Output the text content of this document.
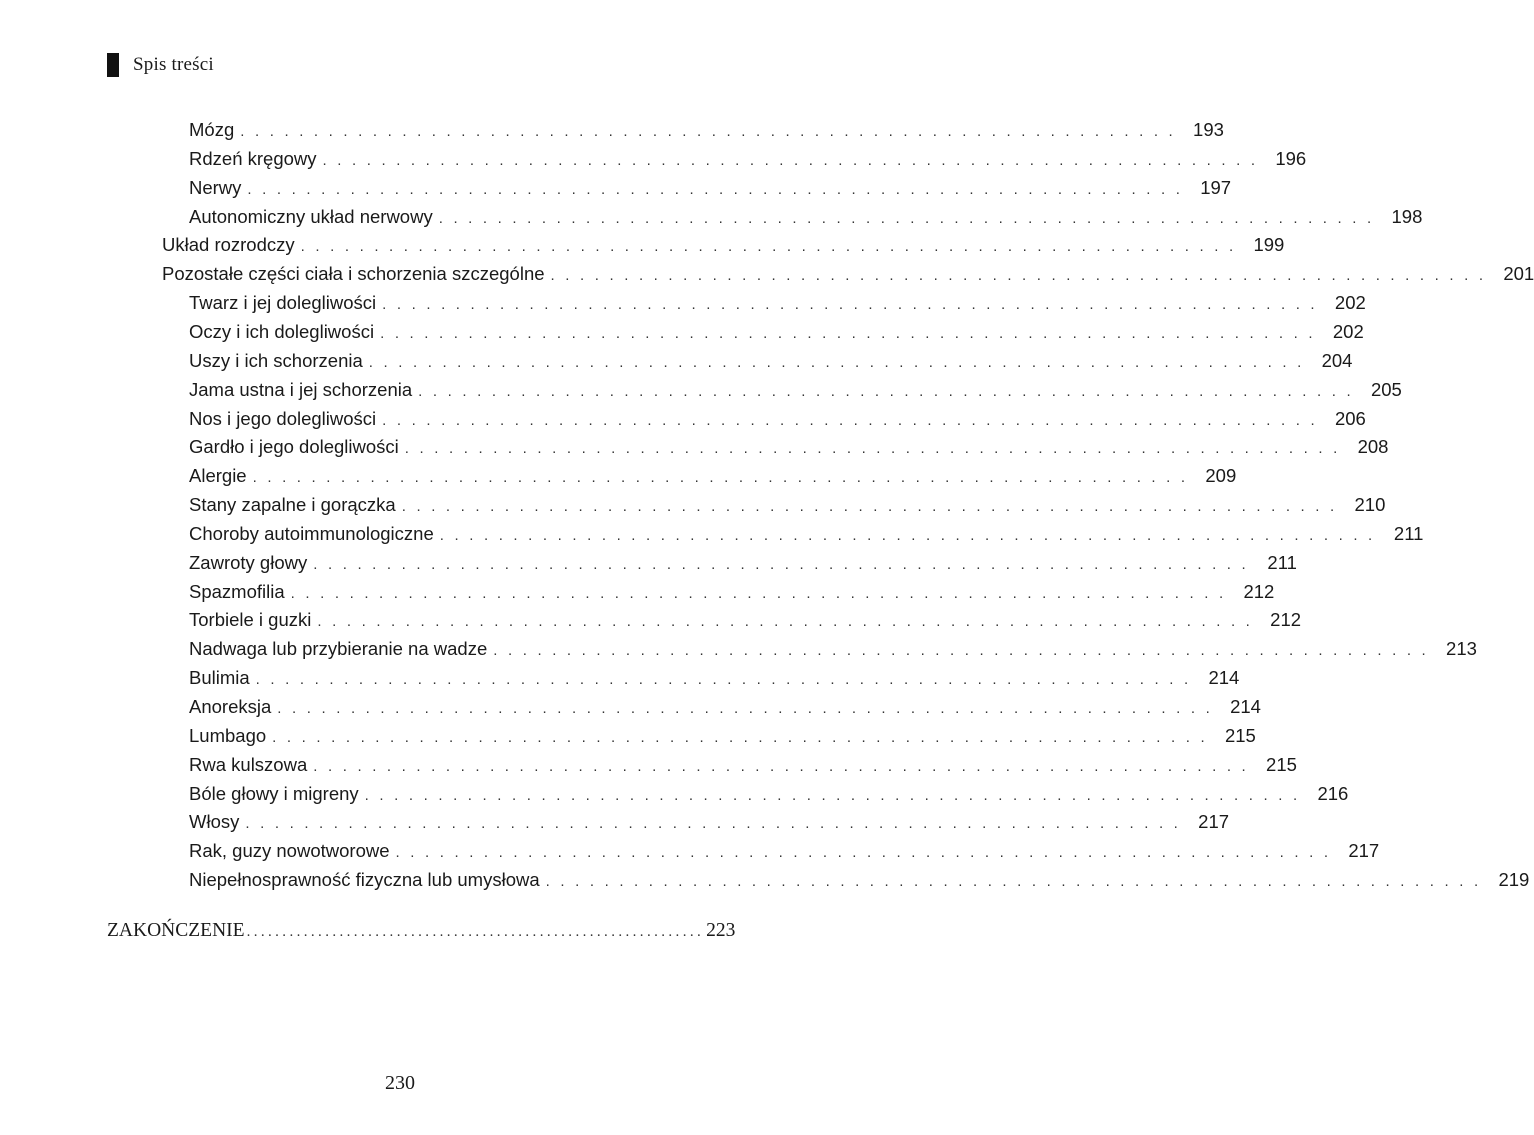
Spis treści
Mózg . . . . . . . . . . . . . . . . . . . . . . . . . . . . . . . . . . . . . . . . . . . . . . . . . . . . . . . . . . . . . . . . 193
Rdzeń kręgowy . . . . . . . . . . . . . . . . . . . . . . . . . . . . . . . . . . . . . . . . . . . . . . . . . . . . . . . . . . . . . . . . 196
Nerwy . . . . . . . . . . . . . . . . . . . . . . . . . . . . . . . . . . . . . . . . . . . . . . . . . . . . . . . . . . . . . . . . 197
Autonomiczny układ nerwowy . . . . . . . . . . . . . . . . . . . . . . . . . . . . . . . . . . . . . . . . . . . . . . . . . . . . . . . . . . . . . . . . 198
Układ rozrodczy . . . . . . . . . . . . . . . . . . . . . . . . . . . . . . . . . . . . . . . . . . . . . . . . . . . . . . . . . . . . . . . . 199
Pozostałe części ciała i schorzenia szczególne . . . . . . . . . . . . . . . . . . . . . . . . . . . . . . . . . . . . . . . . . . . . . . . . . . . . . . . . . . . . . . . . 201
Twarz i jej dolegliwości . . . . . . . . . . . . . . . . . . . . . . . . . . . . . . . . . . . . . . . . . . . . . . . . . . . . . . . . . . . . . . . . 202
Oczy i ich dolegliwości . . . . . . . . . . . . . . . . . . . . . . . . . . . . . . . . . . . . . . . . . . . . . . . . . . . . . . . . . . . . . . . . 202
Uszy i ich schorzenia . . . . . . . . . . . . . . . . . . . . . . . . . . . . . . . . . . . . . . . . . . . . . . . . . . . . . . . . . . . . . . . . 204
Jama ustna i jej schorzenia . . . . . . . . . . . . . . . . . . . . . . . . . . . . . . . . . . . . . . . . . . . . . . . . . . . . . . . . . . . . . . . . 205
Nos i jego dolegliwości . . . . . . . . . . . . . . . . . . . . . . . . . . . . . . . . . . . . . . . . . . . . . . . . . . . . . . . . . . . . . . . . 206
Gardło i jego dolegliwości . . . . . . . . . . . . . . . . . . . . . . . . . . . . . . . . . . . . . . . . . . . . . . . . . . . . . . . . . . . . . . . . 208
Alergie . . . . . . . . . . . . . . . . . . . . . . . . . . . . . . . . . . . . . . . . . . . . . . . . . . . . . . . . . . . . . . . . 209
Stany zapalne i gorączka . . . . . . . . . . . . . . . . . . . . . . . . . . . . . . . . . . . . . . . . . . . . . . . . . . . . . . . . . . . . . . . . 210
Choroby autoimmunologiczne . . . . . . . . . . . . . . . . . . . . . . . . . . . . . . . . . . . . . . . . . . . . . . . . . . . . . . . . . . . . . . . .	211
Zawroty głowy . . . . . . . . . . . . . . . . . . . . . . . . . . . . . . . . . . . . . . . . . . . . . . . . . . . . . . . . . . . . . . . .	211
Spazmofilia . . . . . . . . . . . . . . . . . . . . . . . . . . . . . . . . . . . . . . . . . . . . . . . . . . . . . . . . . . . . . . . . 212
Torbiele i guzki . . . . . . . . . . . . . . . . . . . . . . . . . . . . . . . . . . . . . . . . . . . . . . . . . . . . . . . . . . . . . . . . 212
Nadwaga lub przybieranie na wadze . . . . . . . . . . . . . . . . . . . . . . . . . . . . . . . . . . . . . . . . . . . . . . . . . . . . . . . . . . . . . . . . 213
Bulimia . . . . . . . . . . . . . . . . . . . . . . . . . . . . . . . . . . . . . . . . . . . . . . . . . . . . . . . . . . . . . . . . 214
Anoreksja . . . . . . . . . . . . . . . . . . . . . . . . . . . . . . . . . . . . . . . . . . . . . . . . . . . . . . . . . . . . . . . . 214
Lumbago . . . . . . . . . . . . . . . . . . . . . . . . . . . . . . . . . . . . . . . . . . . . . . . . . . . . . . . . . . . . . . . . 215
Rwa kulszowa . . . . . . . . . . . . . . . . . . . . . . . . . . . . . . . . . . . . . . . . . . . . . . . . . . . . . . . . . . . . . . . . 215
Bóle głowy i migreny . . . . . . . . . . . . . . . . . . . . . . . . . . . . . . . . . . . . . . . . . . . . . . . . . . . . . . . . . . . . . . . . 216
Włosy . . . . . . . . . . . . . . . . . . . . . . . . . . . . . . . . . . . . . . . . . . . . . . . . . . . . . . . . . . . . . . . . 217
Rak, guzy nowotworowe . . . . . . . . . . . . . . . . . . . . . . . . . . . . . . . . . . . . . . . . . . . . . . . . . . . . . . . . . . . . . . . . 217
Niepełnosprawność fizyczna lub umysłowa . . . . . . . . . . . . . . . . . . . . . . . . . . . . . . . . . . . . . . . . . . . . . . . . . . . . . . . . . . . . . . . . 219
ZAKOŃCZENIE ................................................................ 223
230
